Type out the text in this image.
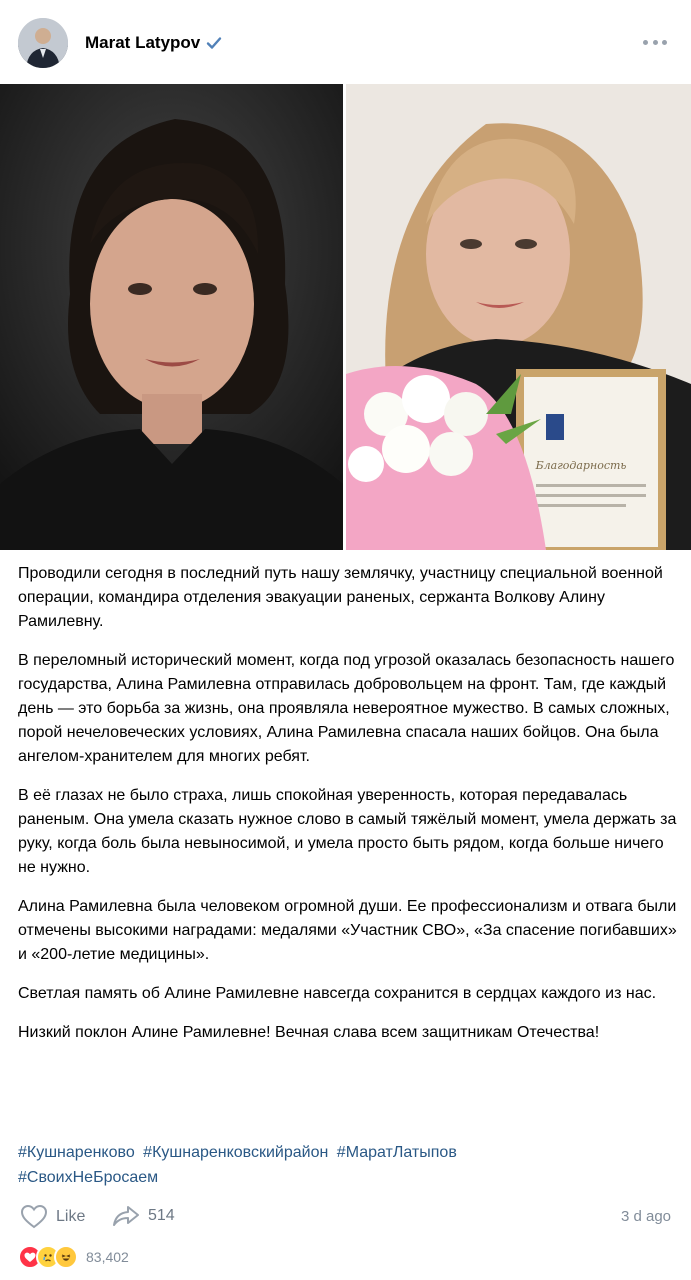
Marat Latypov
Благодарность

Проводили сегодня в последний путь нашу землячку, участницу специальной военной операции, командира отделения эвакуации раненых, сержанта Волкову Алину Рамилевну.

В переломный исторический момент, когда под угрозой оказалась безопасность нашего государства, Алина Рамилевна отправилась добровольцем на фронт. Там, где каждый день — это борьба за жизнь, она проявляла невероятное мужество. В самых сложных, порой нечеловеческих условиях, Алина Рамилевна спасала наших бойцов. Она была ангелом-хранителем для многих ребят.

В её глазах не было страха, лишь спокойная уверенность, которая передавалась раненым. Она умела сказать нужное слово в самый тяжёлый момент, умела держать за руку, когда боль была невыносимой, и умела просто быть рядом, когда больше ничего не нужно.

Алина Рамилевна была человеком огромной души. Ее профессионализм и отвага были отмечены высокими наградами: медалями «Участник СВО», «За спасение погибавших» и «200-летие медицины».

Светлая память об Алине Рамилевне навсегда сохранится в сердцах каждого из нас.

Низкий поклон Алине Рамилевне! Вечная слава всем защитникам Отечества!

#Кушнаренково #Кушнаренковскийрайон #МаратЛатыпов
#СвоихНеБросаем
Like	514	3 d ago
83,402
